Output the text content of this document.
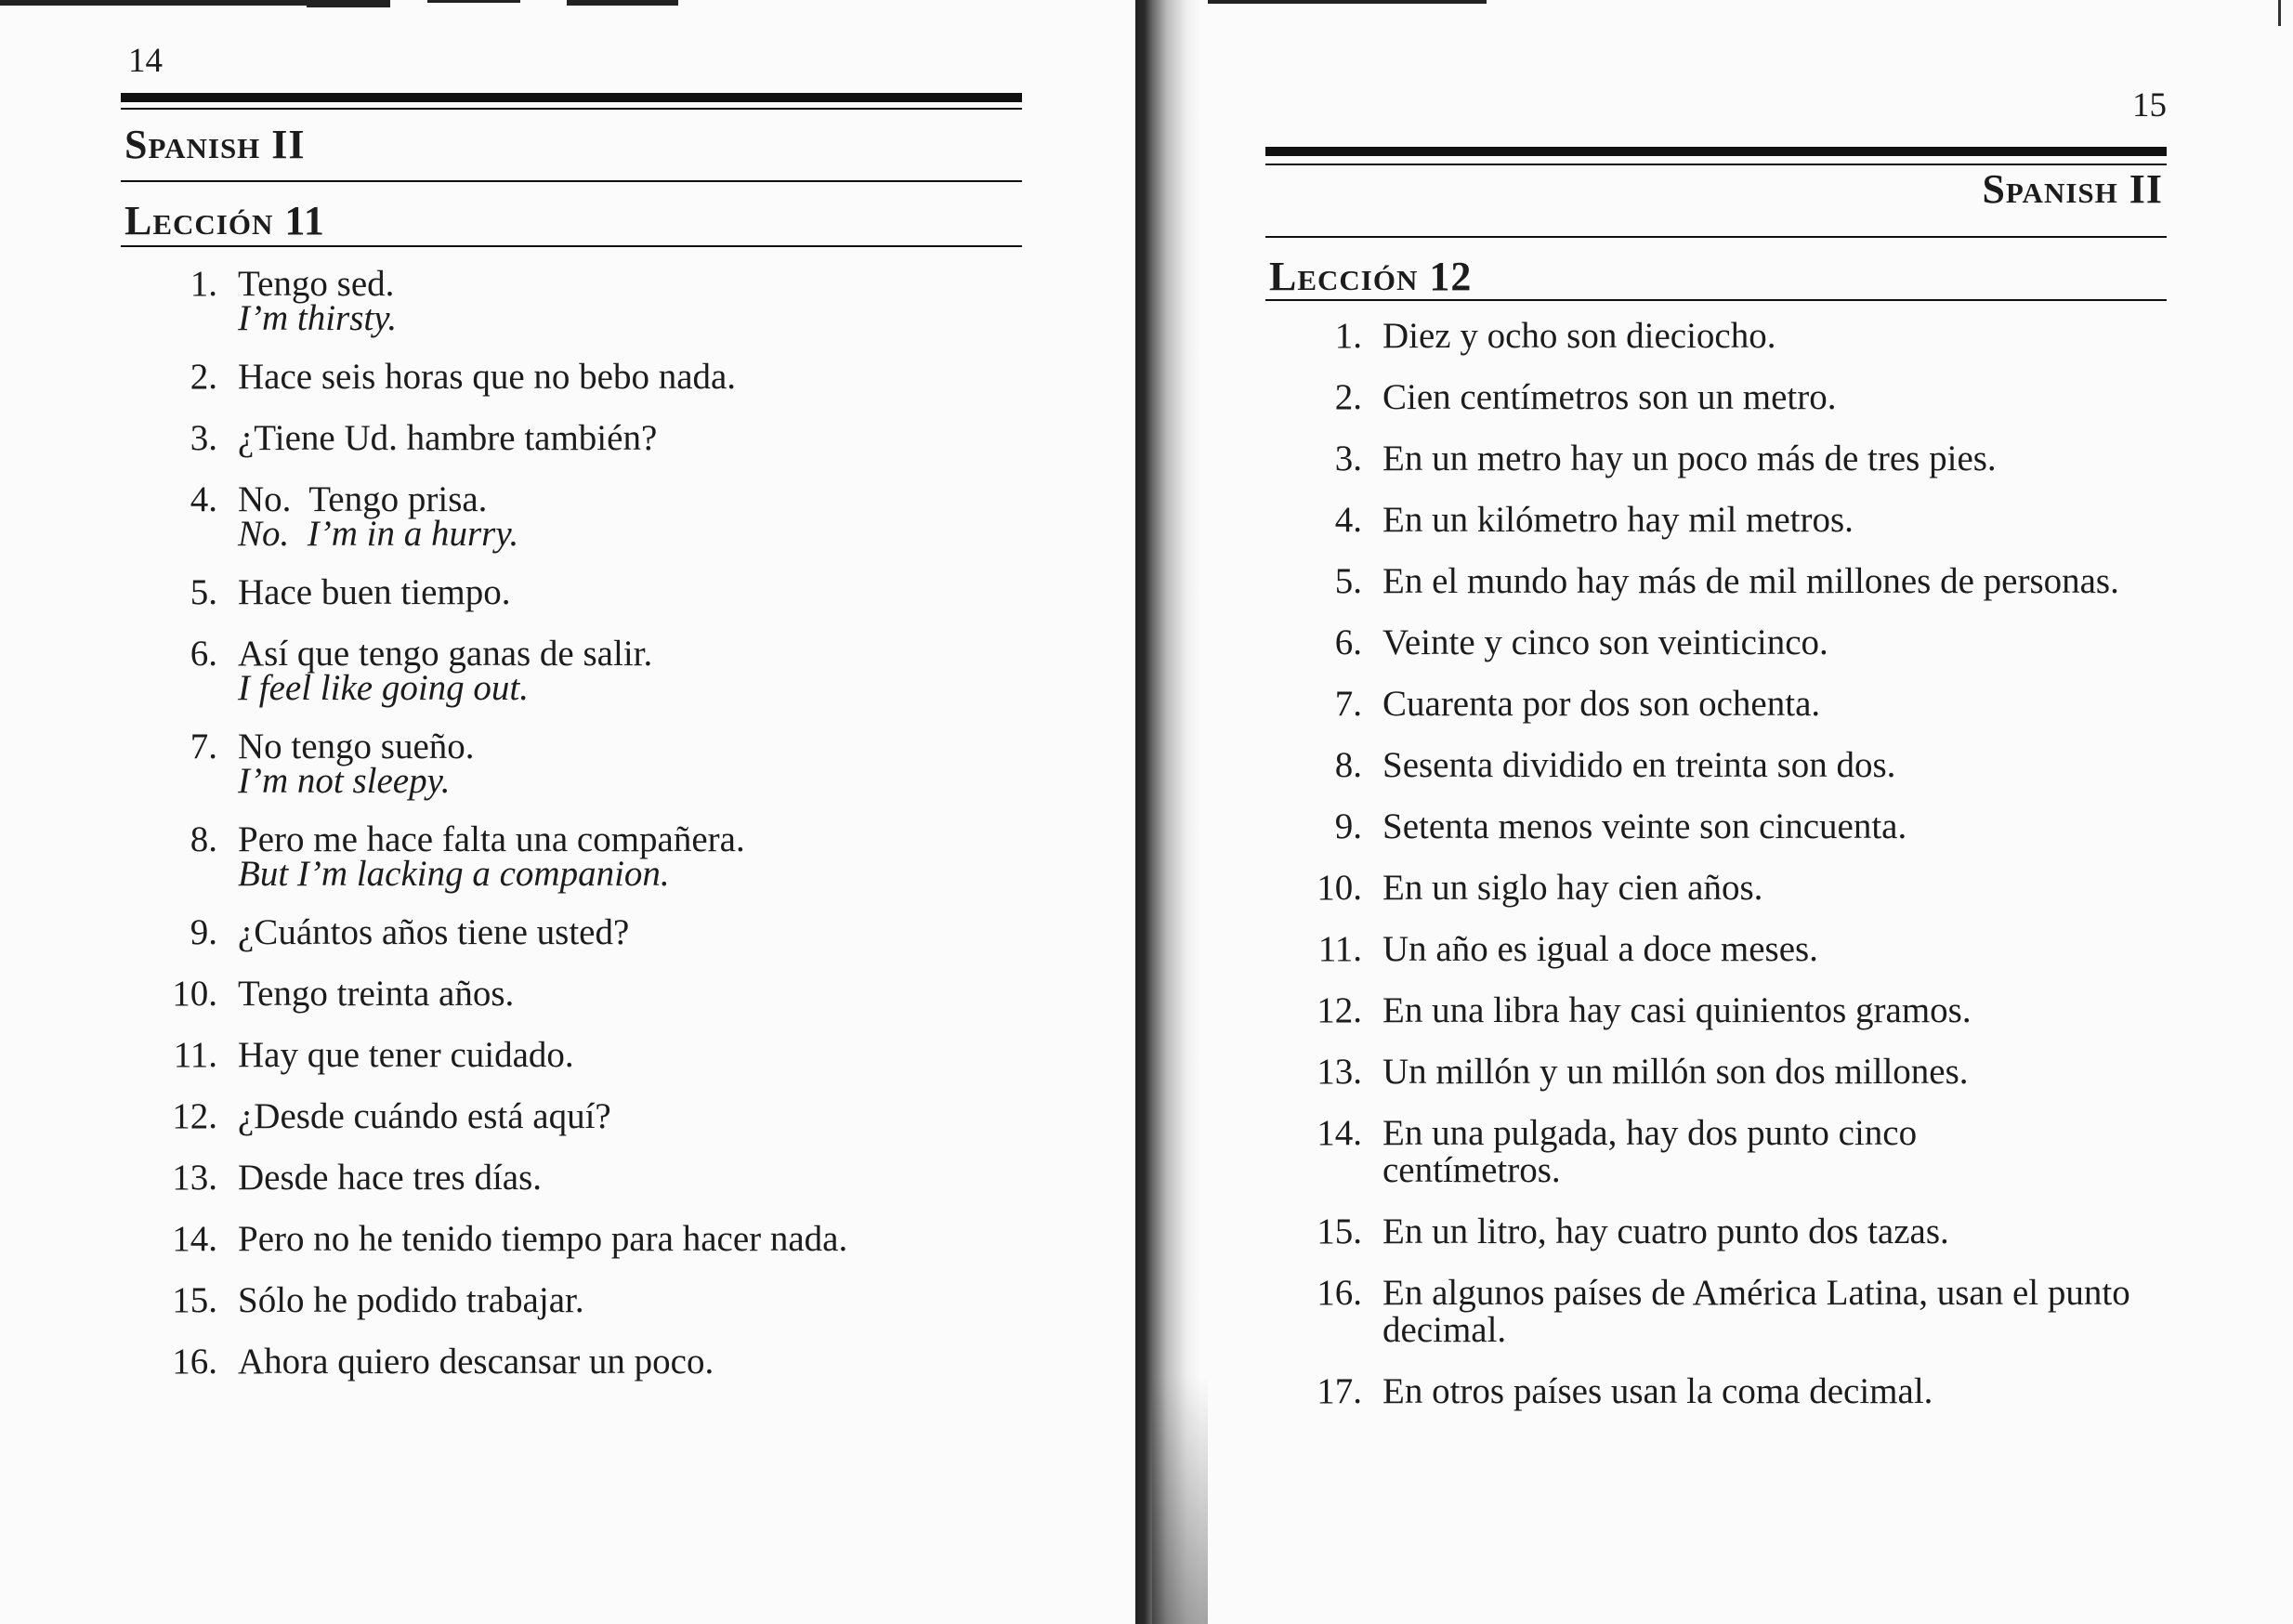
14
Spanish II
Lección 11
1. Tengo sed.
I’m thirsty.
2. Hace seis horas que no bebo nada.
3. ¿Tiene Ud. hambre también?
4. No.  Tengo prisa.
No.  I’m in a hurry.
5. Hace buen tiempo.
6. Así que tengo ganas de salir.
I feel like going out.
7. No tengo sueño.
I’m not sleepy.
8. Pero me hace falta una compañera.
But I’m lacking a companion.
9. ¿Cuántos años tiene usted?
10. Tengo treinta años.
11. Hay que tener cuidado.
12. ¿Desde cuándo está aquí?
13. Desde hace tres días.
14. Pero no he tenido tiempo para hacer nada.
15. Sólo he podido trabajar.
16. Ahora quiero descansar un poco.
15
Spanish II
Lección 12
1. Diez y ocho son dieciocho.
2. Cien centímetros son un metro.
3. En un metro hay un poco más de tres pies.
4. En un kilómetro hay mil metros.
5. En el mundo hay más de mil millones de personas.
6. Veinte y cinco son veinticinco.
7. Cuarenta por dos son ochenta.
8. Sesenta dividido en treinta son dos.
9. Setenta menos veinte son cincuenta.
10. En un siglo hay cien años.
11. Un año es igual a doce meses.
12. En una libra hay casi quinientos gramos.
13. Un millón y un millón son dos millones.
14. En una pulgada, hay dos punto cinco centímetros.
15. En un litro, hay cuatro punto dos tazas.
16. En algunos países de América Latina, usan el punto decimal.
17. En otros países usan la coma decimal.
